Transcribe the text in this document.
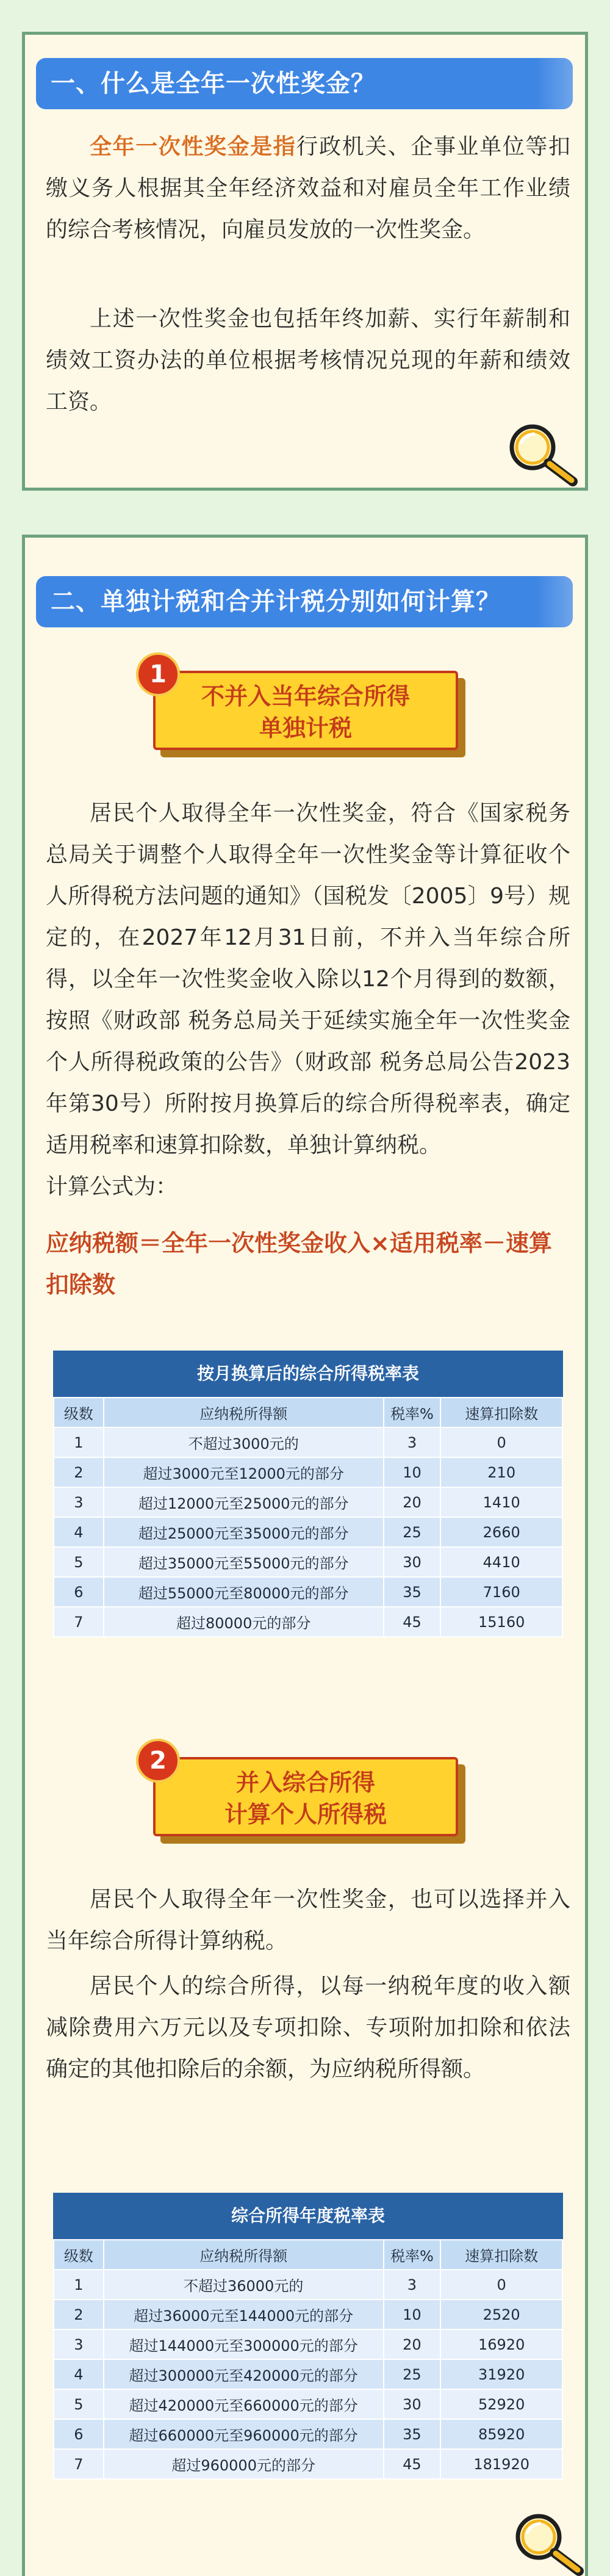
一、什么是全年一次性奖金？

全年一次性奖金是指行政机关、企事业单位等扣缴义务人根据其全年经济效益和对雇员全年工作业绩的综合考核情况，向雇员发放的一次性奖金。

上述一次性奖金也包括年终加薪、实行年薪制和绩效工资办法的单位根据考核情况兑现的年薪和绩效工资。

二、单独计税和合并计税分别如何计算？
不并入当年综合所得
单独计税
1

居民个人取得全年一次性奖金，符合《国家税务总局关于调整个人取得全年一次性奖金等计算征收个人所得税方法问题的通知》（国税发〔2005〕9号）规定的，在2027年12月31日前，不并入当年综合所得，以全年一次性奖金收入除以12个月得到的数额，按照《财政部 税务总局关于延续实施全年一次性奖金个人所得税政策的公告》（财政部 税务总局公告2023年第30号）所附按月换算后的综合所得税率表，确定适用税率和速算扣除数，单独计算纳税。

计算公式为：

应纳税额＝全年一次性奖金收入×适用税率－速算扣除数

按月换算后的综合所得税率表
级数	应纳税所得额	税率%	速算扣除数
1	不超过3000元的	3	0
2	超过3000元至12000元的部分	10	210
3	超过12000元至25000元的部分	20	1410
4	超过25000元至35000元的部分	25	2660
5	超过35000元至55000元的部分	30	4410
6	超过55000元至80000元的部分	35	7160
7	超过80000元的部分	45	15160
并入综合所得
计算个人所得税
2

居民个人取得全年一次性奖金，也可以选择并入当年综合所得计算纳税。

居民个人的综合所得，以每一纳税年度的收入额减除费用六万元以及专项扣除、专项附加扣除和依法确定的其他扣除后的余额，为应纳税所得额。

综合所得年度税率表
级数	应纳税所得额	税率%	速算扣除数
1	不超过36000元的	3	0
2	超过36000元至144000元的部分	10	2520
3	超过144000元至300000元的部分	20	16920
4	超过300000元至420000元的部分	25	31920
5	超过420000元至660000元的部分	30	52920
6	超过660000元至960000元的部分	35	85920
7	超过960000元的部分	45	181920
